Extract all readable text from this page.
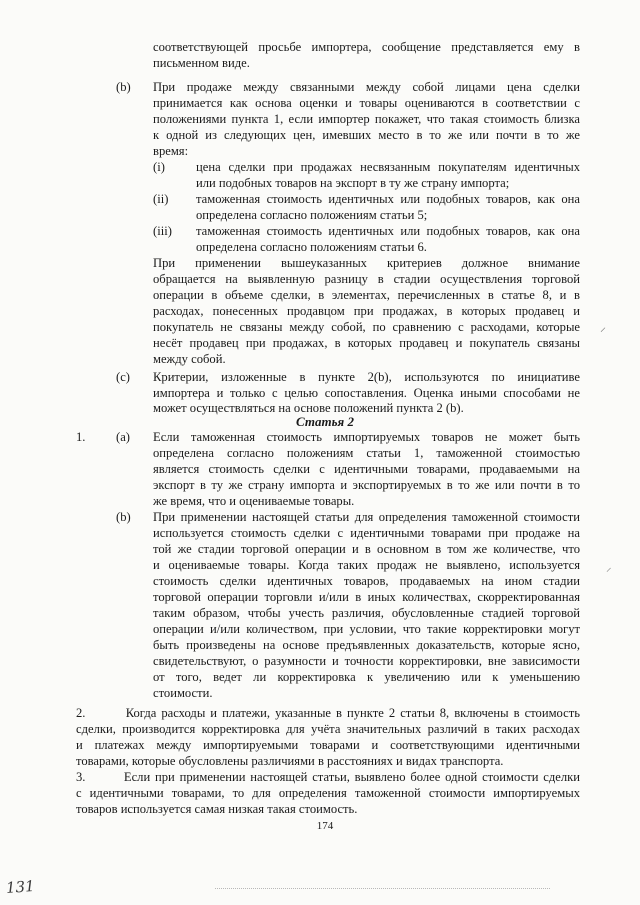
соответствующей просьбе импортера, сообщение представляется ему в
письменном виде.
(b) При продаже между связанными между собой лицами цена сделки
принимается как основа оценки и товары оцениваются в соответствии с
положениями пункта 1, если импортер покажет, что такая стоимость близка
к одной из следующих цен, имевших место в то же или почти в то же
время:
(i) цена сделки при продажах несвязанным покупателям идентичных
или подобных товаров на экспорт в ту же страну импорта;
(ii) таможенная стоимость идентичных или подобных товаров, как она
определена согласно положениям статьи 5;
(iii) таможенная стоимость идентичных или подобных товаров, как она
определена согласно положениям статьи 6.
При применении вышеуказанных критериев должное внимание
обращается на выявленную разницу в стадии осуществления торговой
операции в объеме сделки, в элементах, перечисленных в статье 8, и в
расходах, понесенных продавцом при продажах, в которых продавец и
покупатель не связаны между собой, по сравнению с расходами, которые
несёт продавец при продажах, в которых продавец и покупатель связаны
между собой.
(c) Критерии, изложенные в пункте 2(b), используются по инициативе
импортера и только с целью сопоставления. Оценка иными способами не
может осуществляться на основе положений пункта 2 (b).
Статья 2
1. (a) Если таможенная стоимость импортируемых товаров не может быть
определена согласно положениям статьи 1, таможенной стоимостью
является стоимость сделки с идентичными товарами, продаваемыми на
экспорт в ту же страну импорта и экспортируемых в то же или почти в то
же время, что и оцениваемые товары.
(b) При применении настоящей статьи для определения таможенной стоимости
используется стоимость сделки с идентичными товарами при продаже на
той же стадии торговой операции и в основном в том же количестве, что
и оцениваемые товары. Когда таких продаж не выявлено, используется
стоимость сделки идентичных товаров, продаваемых на ином стадии
торговой операции торговли и/или в иных количествах, скорректированная
таким образом, чтобы учесть различия, обусловленные стадией торговой
операции и/или количеством, при условии, что такие корректировки могут
быть произведены на основе предъявленных доказательств, которые ясно,
свидетельствуют, о разумности и точности корректировки, вне зависимости
от того, ведет ли корректировка к увеличению или к уменьшению
стоимости.
2.        Когда расходы и платежи, указанные в пункте 2 статьи 8, включены в стоимость
сделки, производится корректировка для учёта значительных различий в таких расходах
и платежах между импортируемыми товарами и соответствующими идентичными
товарами, которые обусловлены различиями в расстояниях и видах транспорта.
3.        Если при применении настоящей статьи, выявлено более одной стоимости сделки
с идентичными товарами, то для определения таможенной стоимости импортируемых
товаров используется самая низкая такая стоимость.
174
⸝
⸝
131
